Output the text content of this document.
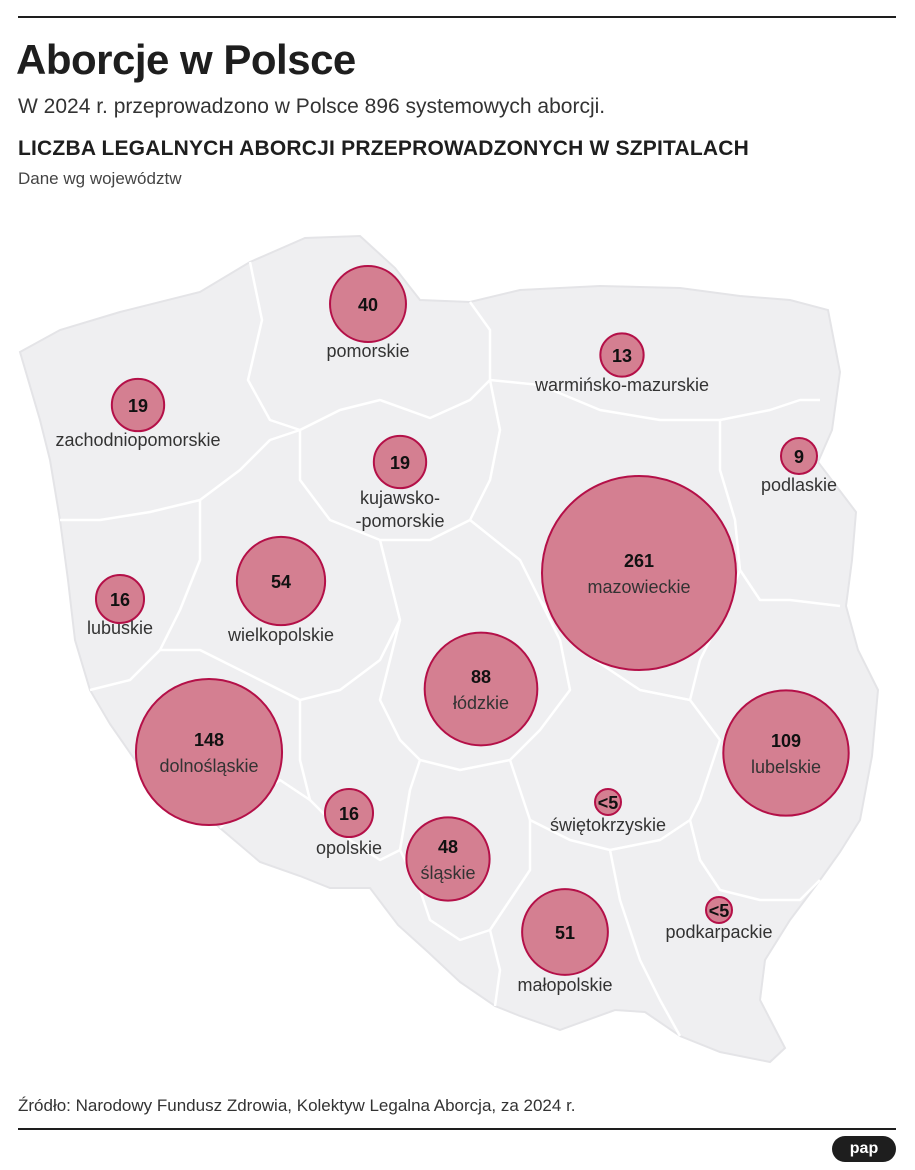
Aborcje w Polsce
W 2024 r. przeprowadzono w Polsce 896 systemowych aborcji.
LICZBA LEGALNYCH ABORCJI PRZEPROWADZONYCH W SZPITALACH
Dane wg województw
40
pomorskie	13
warmińsko-mazurskie
19
zachodniopomorskie
19
kujawsko-
-pomorskie
9
podlaskie
261
mazowieckie
16
lubuskie
54
wielkopolskie
88
łódzkie
148
dolnośląskie
109
lubelskie
16
opolskie	48
śląskie
<5
świętokrzyskie
51
małopolskie
<5
podkarpackie
Źródło: Narodowy Fundusz Zdrowia, Kolektyw Legalna Aborcja, za 2024 r.
pap
